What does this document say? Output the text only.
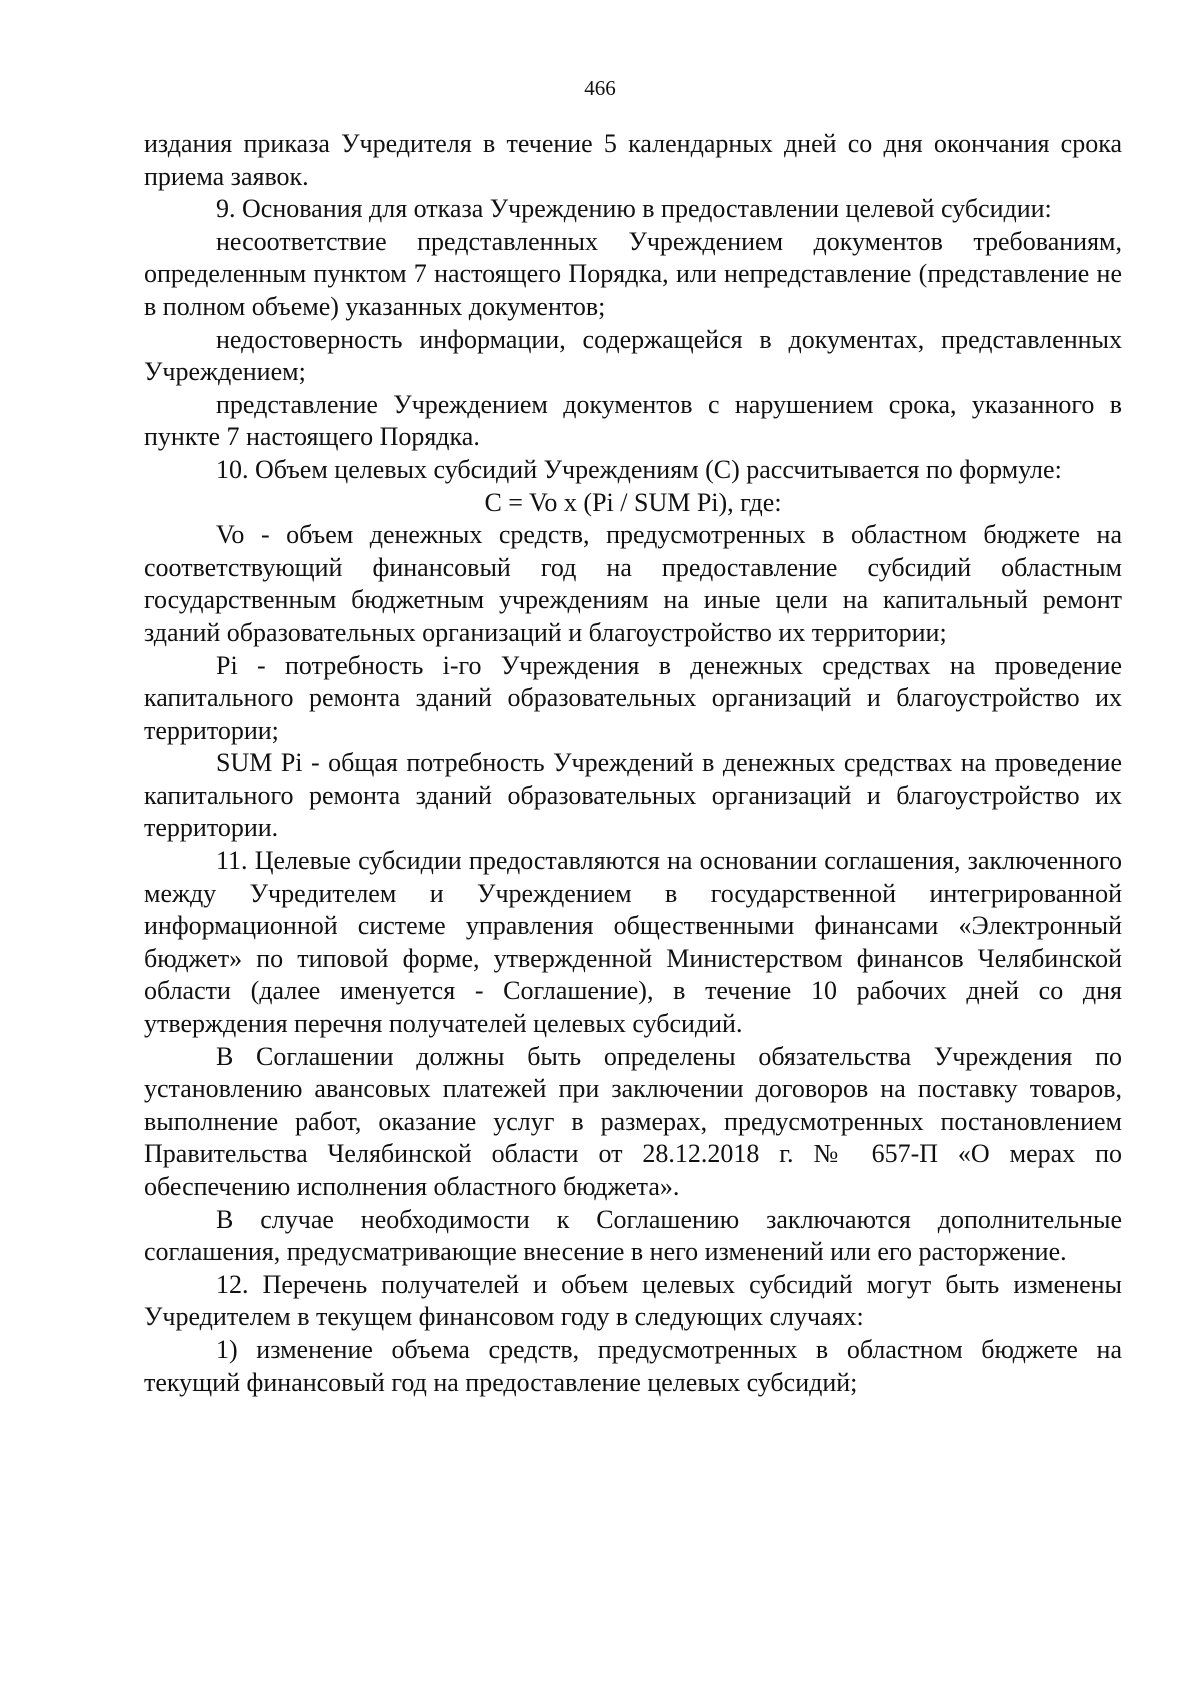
466

издания приказа Учредителя в течение 5 календарных дней со дня окончания срока приема заявок.

9. Основания для отказа Учреждению в предоставлении целевой субсидии:

несоответствие представленных Учреждением документов требованиям, определенным пунктом 7 настоящего Порядка, или непредставление (представление не в полном объеме) указанных документов;

недостоверность информации, содержащейся в документах, представленных Учреждением;

представление Учреждением документов с нарушением срока, указанного в пункте 7 настоящего Порядка.

10. Объем целевых субсидий Учреждениям (C) рассчитывается по формуле:

C = Vo x (Pi / SUM Pi), где:

Vo - объем денежных средств, предусмотренных в областном бюджете на соответствующий финансовый год на предоставление субсидий областным государственным бюджетным учреждениям на иные цели на капитальный ремонт зданий образовательных организаций и благоустройство их территории;

Pi - потребность i-го Учреждения в денежных средствах на проведение капитального ремонта зданий образовательных организаций и благоустройство их территории;

SUM Pi - общая потребность Учреждений в денежных средствах на проведение капитального ремонта зданий образовательных организаций и благоустройство их территории.

11. Целевые субсидии предоставляются на основании соглашения, заключенного между Учредителем и Учреждением в государственной интегрированной информационной системе управления общественными финансами «Электронный бюджет» по типовой форме, утвержденной Министерством финансов Челябинской области (далее именуется - Соглашение), в течение 10 рабочих дней со дня утверждения перечня получателей целевых субсидий.

В Соглашении должны быть определены обязательства Учреждения по установлению авансовых платежей при заключении договоров на поставку товаров, выполнение работ, оказание услуг в размерах, предусмотренных постановлением Правительства Челябинской области от 28.12.2018 г. № 657-П «О мерах по обеспечению исполнения областного бюджета».

В случае необходимости к Соглашению заключаются дополнительные соглашения, предусматривающие внесение в него изменений или его расторжение.

12. Перечень получателей и объем целевых субсидий могут быть изменены Учредителем в текущем финансовом году в следующих случаях:

1) изменение объема средств, предусмотренных в областном бюджете на текущий финансовый год на предоставление целевых субсидий;
